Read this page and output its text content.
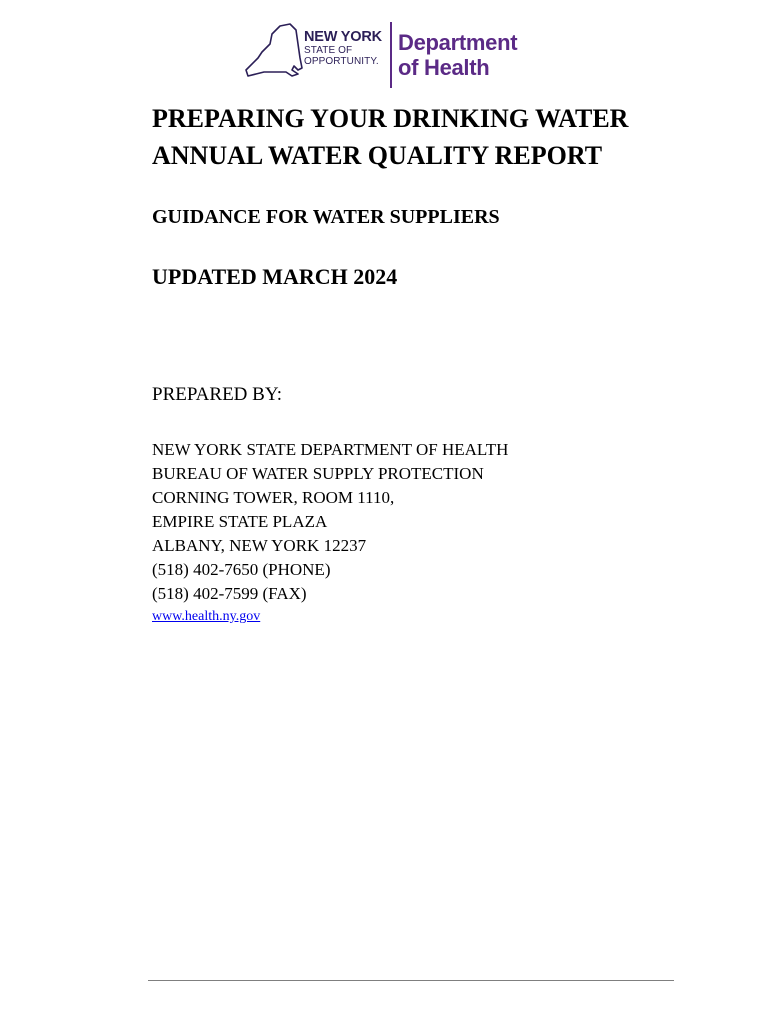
NEW YORK
STATE OF
OPPORTUNITY.
Department
of Health
PREPARING YOUR DRINKING WATER
ANNUAL WATER QUALITY REPORT
GUIDANCE FOR WATER SUPPLIERS
UPDATED MARCH 2024
PREPARED BY:
NEW YORK STATE DEPARTMENT OF HEALTH
BUREAU OF WATER SUPPLY PROTECTION
CORNING TOWER, ROOM 1110,
EMPIRE STATE PLAZA
ALBANY, NEW YORK 12237
(518) 402-7650 (PHONE)
(518) 402-7599 (FAX)
www.health.ny.gov
